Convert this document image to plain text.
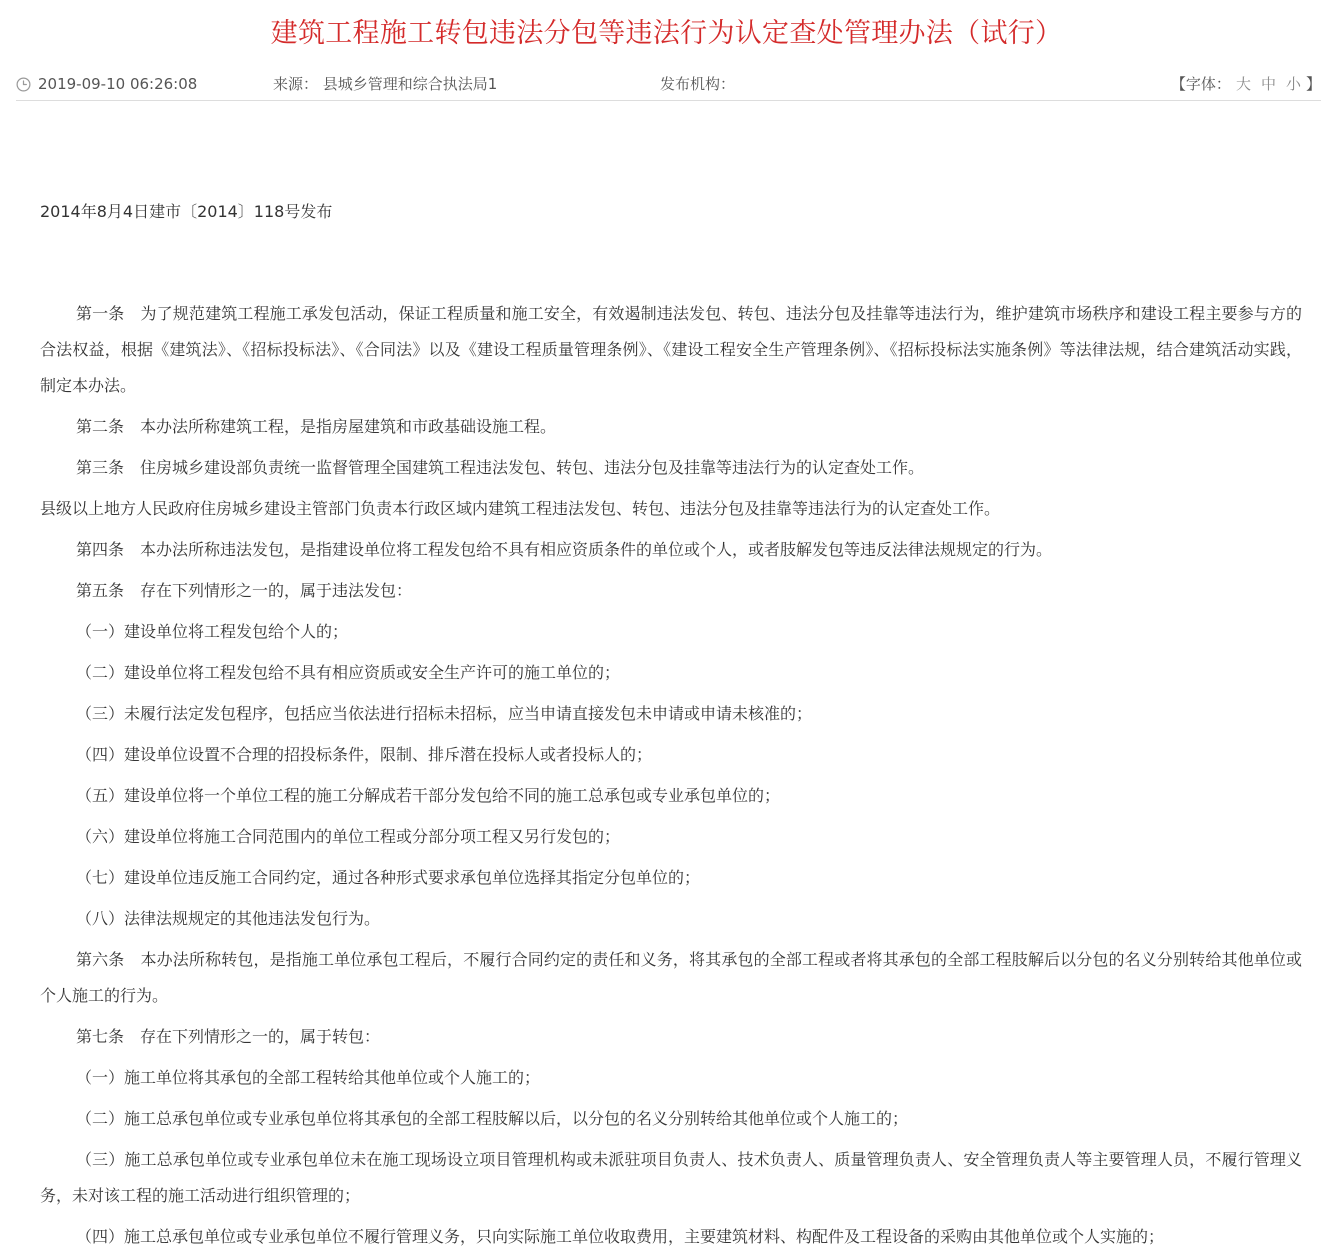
建筑工程施工转包违法分包等违法行为认定查处管理办法（试行）
2019-09-10 06:26:08	来源： 县城乡管理和综合执法局1	发布机构：	【字体： 大 中 小 】

2014年8月4日建市〔2014〕118号发布

第一条　为了规范建筑工程施工承发包活动，保证工程质量和施工安全，有效遏制违法发包、转包、违法分包及挂靠等违法行为，维护建筑市场秩序和建设工程主要参与方的合法权益，根据《建筑法》、《招标投标法》、《合同法》以及《建设工程质量管理条例》、《建设工程安全生产管理条例》、《招标投标法实施条例》等法律法规，结合建筑活动实践，制定本办法。

第二条　本办法所称建筑工程，是指房屋建筑和市政基础设施工程。

第三条　住房城乡建设部负责统一监督管理全国建筑工程违法发包、转包、违法分包及挂靠等违法行为的认定查处工作。

县级以上地方人民政府住房城乡建设主管部门负责本行政区域内建筑工程违法发包、转包、违法分包及挂靠等违法行为的认定查处工作。

第四条　本办法所称违法发包，是指建设单位将工程发包给不具有相应资质条件的单位或个人，或者肢解发包等违反法律法规规定的行为。

第五条　存在下列情形之一的，属于违法发包：

（一）建设单位将工程发包给个人的；

（二）建设单位将工程发包给不具有相应资质或安全生产许可的施工单位的；

（三）未履行法定发包程序，包括应当依法进行招标未招标，应当申请直接发包未申请或申请未核准的；

（四）建设单位设置不合理的招投标条件，限制、排斥潜在投标人或者投标人的；

（五）建设单位将一个单位工程的施工分解成若干部分发包给不同的施工总承包或专业承包单位的；

（六）建设单位将施工合同范围内的单位工程或分部分项工程又另行发包的；

（七）建设单位违反施工合同约定，通过各种形式要求承包单位选择其指定分包单位的；

（八）法律法规规定的其他违法发包行为。

第六条　本办法所称转包，是指施工单位承包工程后，不履行合同约定的责任和义务，将其承包的全部工程或者将其承包的全部工程肢解后以分包的名义分别转给其他单位或个人施工的行为。

第七条　存在下列情形之一的，属于转包：

（一）施工单位将其承包的全部工程转给其他单位或个人施工的；

（二）施工总承包单位或专业承包单位将其承包的全部工程肢解以后，以分包的名义分别转给其他单位或个人施工的；

（三）施工总承包单位或专业承包单位未在施工现场设立项目管理机构或未派驻项目负责人、技术负责人、质量管理负责人、安全管理负责人等主要管理人员，不履行管理义务，未对该工程的施工活动进行组织管理的；

（四）施工总承包单位或专业承包单位不履行管理义务，只向实际施工单位收取费用，主要建筑材料、构配件及工程设备的采购由其他单位或个人实施的；
